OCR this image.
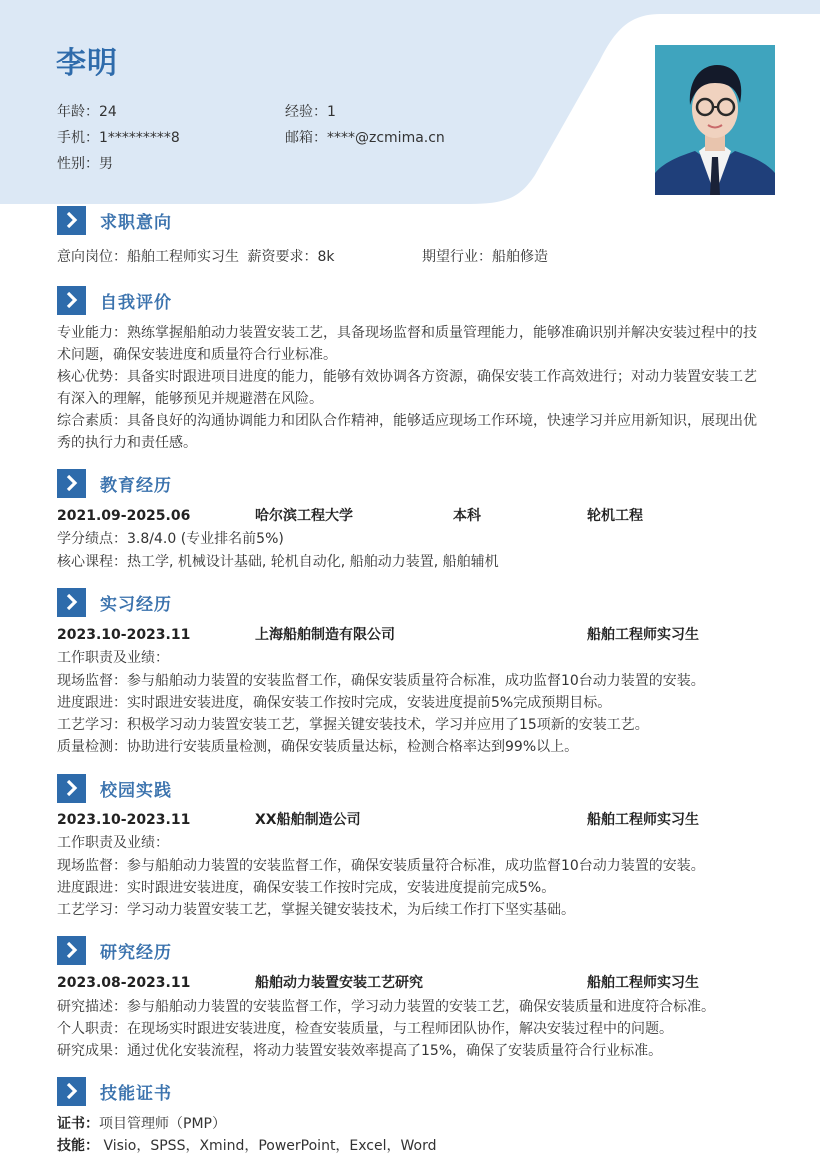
李明
年龄：24	经验：1
手机：1*********8	邮箱：****@zcmima.cn
性别：男
求职意向
意向岗位：船舶工程师实习生 薪资要求：8k	期望行业：船舶修造
自我评价
专业能力：熟练掌握船舶动力装置安装工艺，具备现场监督和质量管理能力，能够准确识别并解决安装过程中的技术问题，确保安装进度和质量符合行业标准。
核心优势：具备实时跟进项目进度的能力，能够有效协调各方资源，确保安装工作高效进行；对动力装置安装工艺有深入的理解，能够预见并规避潜在风险。
综合素质：具备良好的沟通协调能力和团队合作精神，能够适应现场工作环境，快速学习并应用新知识，展现出优秀的执行力和责任感。
教育经历
2021.09-2025.06	哈尔滨工程大学	本科	轮机工程
学分绩点：3.8/4.0 (专业排名前5%)
核心课程：热工学, 机械设计基础, 轮机自动化, 船舶动力装置, 船舶辅机
实习经历
2023.10-2023.11	上海船舶制造有限公司	船舶工程师实习生
工作职责及业绩：
现场监督：参与船舶动力装置的安装监督工作，确保安装质量符合标准，成功监督10台动力装置的安装。
进度跟进：实时跟进安装进度，确保安装工作按时完成，安装进度提前5%完成预期目标。
工艺学习：积极学习动力装置安装工艺，掌握关键安装技术，学习并应用了15项新的安装工艺。
质量检测：协助进行安装质量检测，确保安装质量达标，检测合格率达到99%以上。
校园实践
2023.10-2023.11	XX船舶制造公司	船舶工程师实习生
工作职责及业绩：
现场监督：参与船舶动力装置的安装监督工作，确保安装质量符合标准，成功监督10台动力装置的安装。
进度跟进：实时跟进安装进度，确保安装工作按时完成，安装进度提前完成5%。
工艺学习：学习动力装置安装工艺，掌握关键安装技术，为后续工作打下坚实基础。
研究经历
2023.08-2023.11	船舶动力装置安装工艺研究	船舶工程师实习生
研究描述：参与船舶动力装置的安装监督工作，学习动力装置的安装工艺，确保安装质量和进度符合标准。
个人职责：在现场实时跟进安装进度，检查安装质量，与工程师团队协作，解决安装过程中的问题。
研究成果：通过优化安装流程，将动力装置安装效率提高了15%，确保了安装质量符合行业标准。
技能证书
证书：项目管理师（PMP）
技能： Visio，SPSS，Xmind，PowerPoint，Excel，Word
